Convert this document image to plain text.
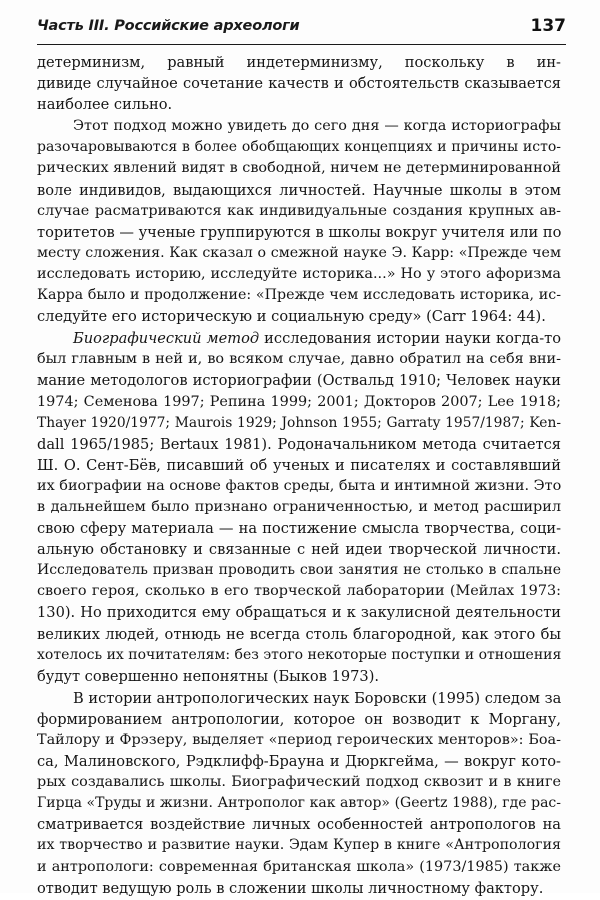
Часть III. Российские археологи	137
детерминизм, равный индетерминизму, поскольку в ин-
дивиде случайное сочетание качеств и обстоятельств сказывается
наиболее сильно.
Этот подход можно увидеть до сего дня — когда историографы
разочаровываются в более обобщающих концепциях и причины исто-
рических явлений видят в свободной, ничем не детерминированной
воле индивидов, выдающихся личностей. Научные школы в этом
случае расматриваются как индивидуальные создания крупных ав-
торитетов — ученые группируются в школы вокруг учителя или по
месту сложения. Как сказал о смежной науке Э. Карр: «Прежде чем
исследовать историю, исследуйте историка...» Но у этого афоризма
Карра было и продолжение: «Прежде чем исследовать историка, ис-
следуйте его историческую и социальную среду» (Carr 1964: 44).
Биографический метод исследования истории науки когда-то
был главным в ней и, во всяком случае, давно обратил на себя вни-
мание методологов историографии (Оствальд 1910; Человек науки
1974; Семенова 1997; Репина 1999; 2001; Докторов 2007; Lee 1918;
Thayer 1920/1977; Maurois 1929; Johnson 1955; Garraty 1957/1987; Ken-
dall 1965/1985; Bertaux 1981). Родоначальником метода считается
Ш. О. Сент-Бёв, писавший об ученых и писателях и составлявший
их биографии на основе фактов среды, быта и интимной жизни. Это
в дальнейшем было признано ограниченностью, и метод расширил
свою сферу материала — на постижение смысла творчества, соци-
альную обстановку и связанные с ней идеи творческой личности.
Исследователь призван проводить свои занятия не столько в спальне
своего героя, сколько в его творческой лаборатории (Мейлах 1973:
130). Но приходится ему обращаться и к закулисной деятельности
великих людей, отнюдь не всегда столь благородной, как этого бы
хотелось их почитателям: без этого некоторые поступки и отношения
будут совершенно непонятны (Быков 1973).
В истории антропологических наук Боровски (1995) следом за
формированием антропологии, которое он возводит к Моргану,
Тайлору и Фрэзеру, выделяет «период героических менторов»: Боа-
са, Малиновского, Рэдклифф-Брауна и Дюркгейма, — вокруг кото-
рых создавались школы. Биографический подход сквозит и в книге
Гирца «Труды и жизни. Антрополог как автор» (Geertz 1988), где рас-
сматривается воздействие личных особенностей антропологов на
их творчество и развитие науки. Эдам Купер в книге «Антропология
и антропологи: современная британская школа» (1973/1985) также
отводит ведущую роль в сложении школы личностному фактору.
